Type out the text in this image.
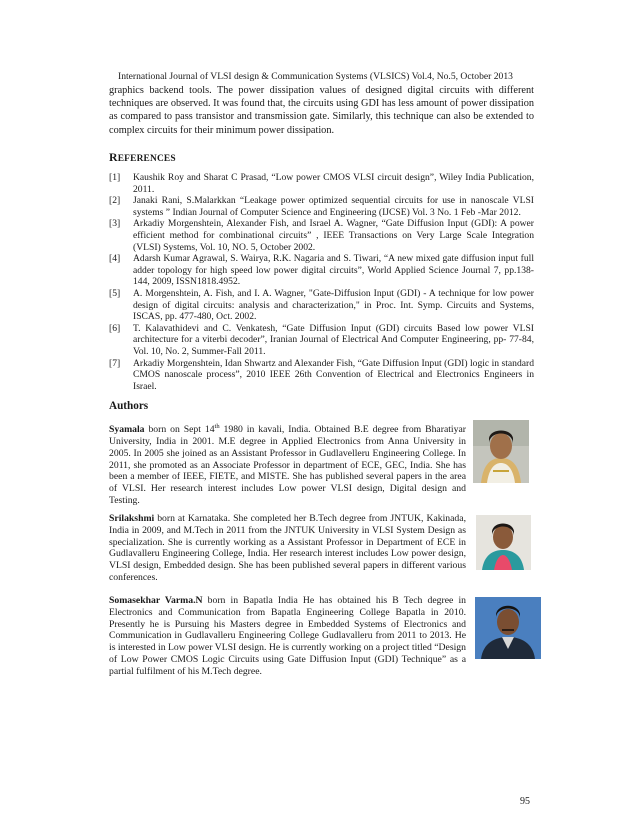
International Journal of VLSI design & Communication Systems (VLSICS) Vol.4, No.5, October 2013
graphics backend tools. The power dissipation values of designed digital circuits with different techniques are observed. It was found that, the circuits using GDI has less amount of power dissipation as compared to pass transistor and transmission gate. Similarly, this technique can also be extended to complex circuits for their minimum power dissipation.
REFERENCES
[1]	Kaushik Roy and Sharat C Prasad, “Low power CMOS VLSI circuit design”, Wiley India Publication, 2011.
[2]	Janaki Rani, S.Malarkkan “Leakage power optimized sequential circuits for use in nanoscale VLSI systems ” Indian Journal of Computer Science and Engineering (IJCSE) Vol. 3 No. 1 Feb -Mar 2012.
[3]	Arkadiy Morgenshtein, Alexander Fish, and Israel A. Wagner, “Gate Diffusion Input (GDI): A power efficient method for combinational circuits” , IEEE Transactions on Very Large Scale Integration (VLSI) Systems, Vol. 10, NO. 5, October 2002.
[4]	Adarsh Kumar Agrawal, S. Wairya, R.K. Nagaria and S. Tiwari, “A new mixed gate diffusion input full adder topology for high speed low power digital circuits”, World Applied Science Journal 7, pp.138-144, 2009, ISSN1818.4952.
[5]	A. Morgenshtein, A. Fish, and I. A. Wagner, "Gate-Diffusion Input (GDI) - A technique for low power design of digital circuits: analysis and characterization," in Proc. Int. Symp. Circuits and Systems, ISCAS, pp. 477-480, Oct. 2002.
[6]	T. Kalavathidevi and C. Venkatesh, “Gate Diffusion Input (GDI) circuits Based low power VLSI architecture for a viterbi decoder”, Iranian Journal of Electrical And Computer Engineering, pp- 77-84, Vol. 10, No. 2, Summer-Fall 2011.
[7]	Arkadiy Morgenshtein, Idan Shwartz and Alexander Fish, “Gate Diffusion Input (GDI) logic in standard CMOS nanoscale process”, 2010 IEEE 26th Convention of Electrical and Electronics Engineers in Israel.
Authors
Syamala born on Sept 14th 1980 in kavali, India. Obtained B.E degree from Bharatiyar University, India in 2001. M.E degree in Applied Electronics from Anna University in 2005. In 2005 she joined as an Assistant Professor in Gudlavelleru Engineering College. In 2011, she promoted as an Associate Professor in department of ECE, GEC, India. She has been a member of IEEE, FIETE, and MISTE. She has published several papers in the area of VLSI. Her research interest includes Low power VLSI design, Digital design and Testing.
Srilakshmi born at Karnataka. She completed her B.Tech degree from JNTUK, Kakinada, India in 2009, and M.Tech in 2011 from the JNTUK University in VLSI System Design as specialization. She is currently working as a Assistant Professor in Department of ECE in Gudlavalleru Engineering College, India. Her research interest includes Low power design, VLSI design, Embedded design. She has been published several papers in different various conferences.
Somasekhar Varma.N born in Bapatla India He has obtained his B Tech degree in Electronics and Communication from Bapatla Engineering College Bapatla in 2010. Presently he is Pursuing his Masters degree in Embedded Systems of Electronics and Communication in Gudlavalleru Engineering College Gudlavalleru from 2011 to 2013. He is interested in Low power VLSI design. He is currently working on a project titled “Design of Low Power CMOS Logic Circuits using Gate Diffusion Input (GDI) Technique” as a partial fulfilment of his M.Tech degree.
95
